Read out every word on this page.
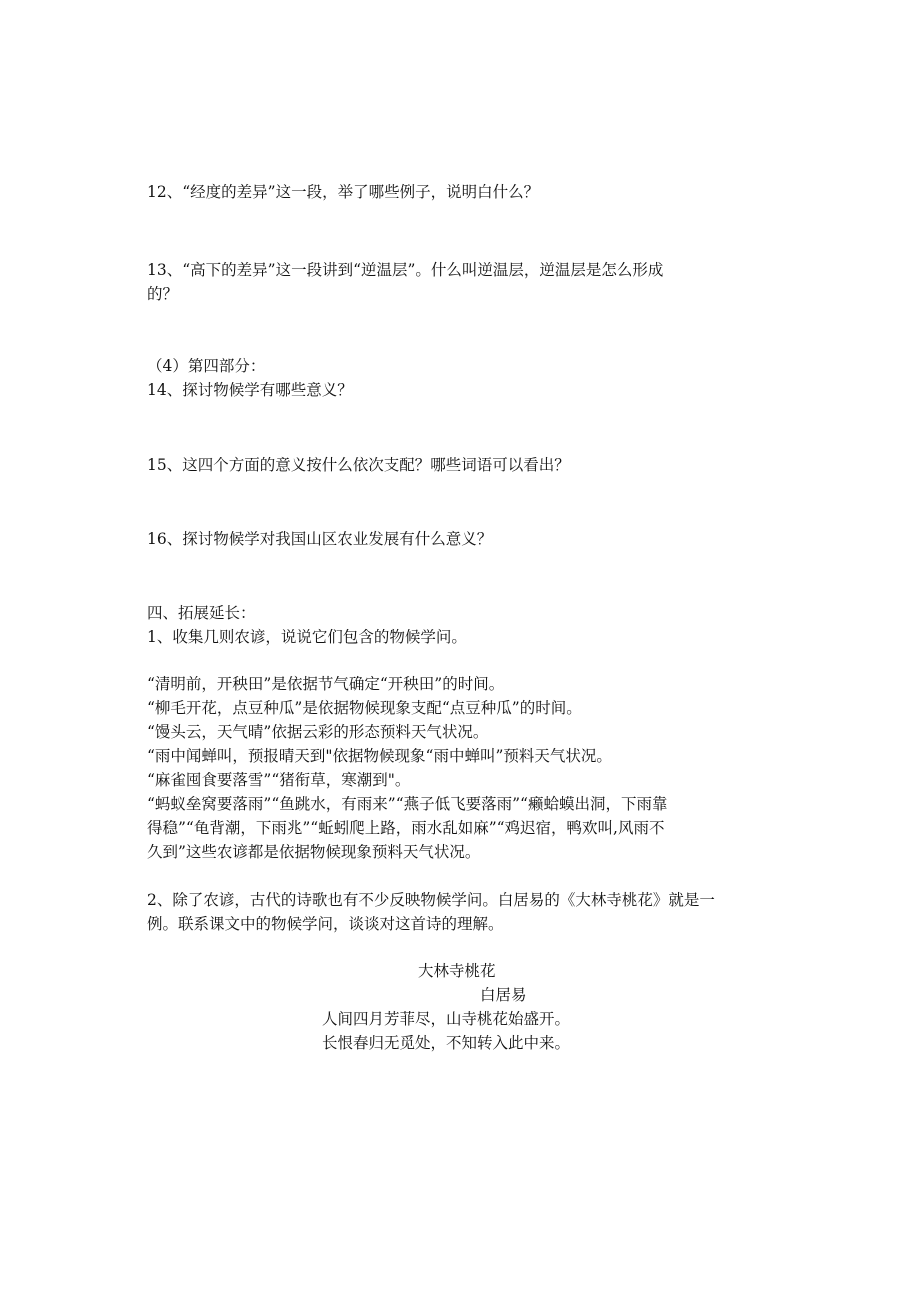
12、“经度的差异”这一段，举了哪些例子，说明白什么？

13、“高下的差异”这一段讲到“逆温层”。什么叫逆温层，逆温层是怎么形成

的？

（4）第四部分：

14、探讨物候学有哪些意义？

15、这四个方面的意义按什么依次支配？哪些词语可以看出？

16、探讨物候学对我国山区农业发展有什么意义？

四、拓展延长：

1、收集几则农谚，说说它们包含的物候学问。

“清明前，开秧田”是依据节气确定“开秧田”的时间。

“柳毛开花，点豆种瓜”是依据物候现象支配“点豆种瓜”的时间。

“馒头云，天气晴”依据云彩的形态预料天气状况。

“雨中闻蝉叫，预报晴天到"依据物候现象“雨中蝉叫”预料天气状况。

“麻雀囤食要落雪”“猪衔草，寒潮到"。

“蚂蚁垒窝要落雨”“鱼跳水，有雨来”“燕子低飞要落雨”“癞蛤蟆出洞，下雨靠

得稳”“龟背潮，下雨兆”“蚯蚓爬上路，雨水乱如麻”“鸡迟宿，鸭欢叫,风雨不

久到”这些农谚都是依据物候现象预料天气状况。

2、除了农谚，古代的诗歌也有不少反映物候学问。白居易的《大林寺桃花》就是一

例。联系课文中的物候学问，谈谈对这首诗的理解。

大林寺桃花
白居易
人间四月芳菲尽，山寺桃花始盛开。
长恨春归无觅处，不知转入此中来。
